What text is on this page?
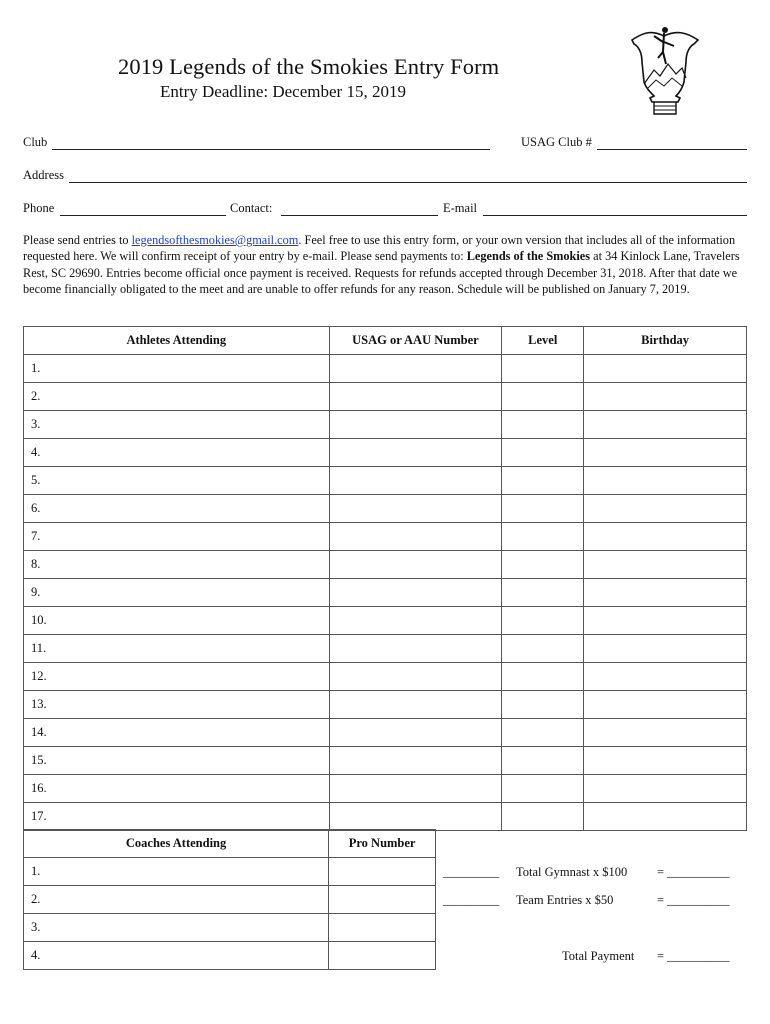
2019 Legends of the Smokies Entry Form
Entry Deadline: December 15, 2019
Club	USAG Club #
Address
Phone	Contact:	E-mail
Please send entries to legendsofthesmokies@gmail.com. Feel free to use this entry form, or your own version that includes all of the information requested here. We will confirm receipt of your entry by e-mail. Please send payments to: Legends of the Smokies at 34 Kinlock Lane, Travelers Rest, SC 29690. Entries become official once payment is received. Requests for refunds accepted through December 31, 2018. After that date we become financially obligated to the meet and are unable to offer refunds for any reason. Schedule will be published on January 7, 2019.
Athletes Attending	USAG or AAU Number	Level	Birthday
1.			
2.			
3.			
4.			
5.			
6.			
7.			
8.			
9.			
10.			
11.			
12.			
13.			
14.			
15.			
16.			
17.			
Coaches Attending	Pro Number
1.	
2.	
3.	
4.	
_________ Total Gymnast x $100 = __________
_________ Team Entries x $50	= __________
Total Payment = __________
